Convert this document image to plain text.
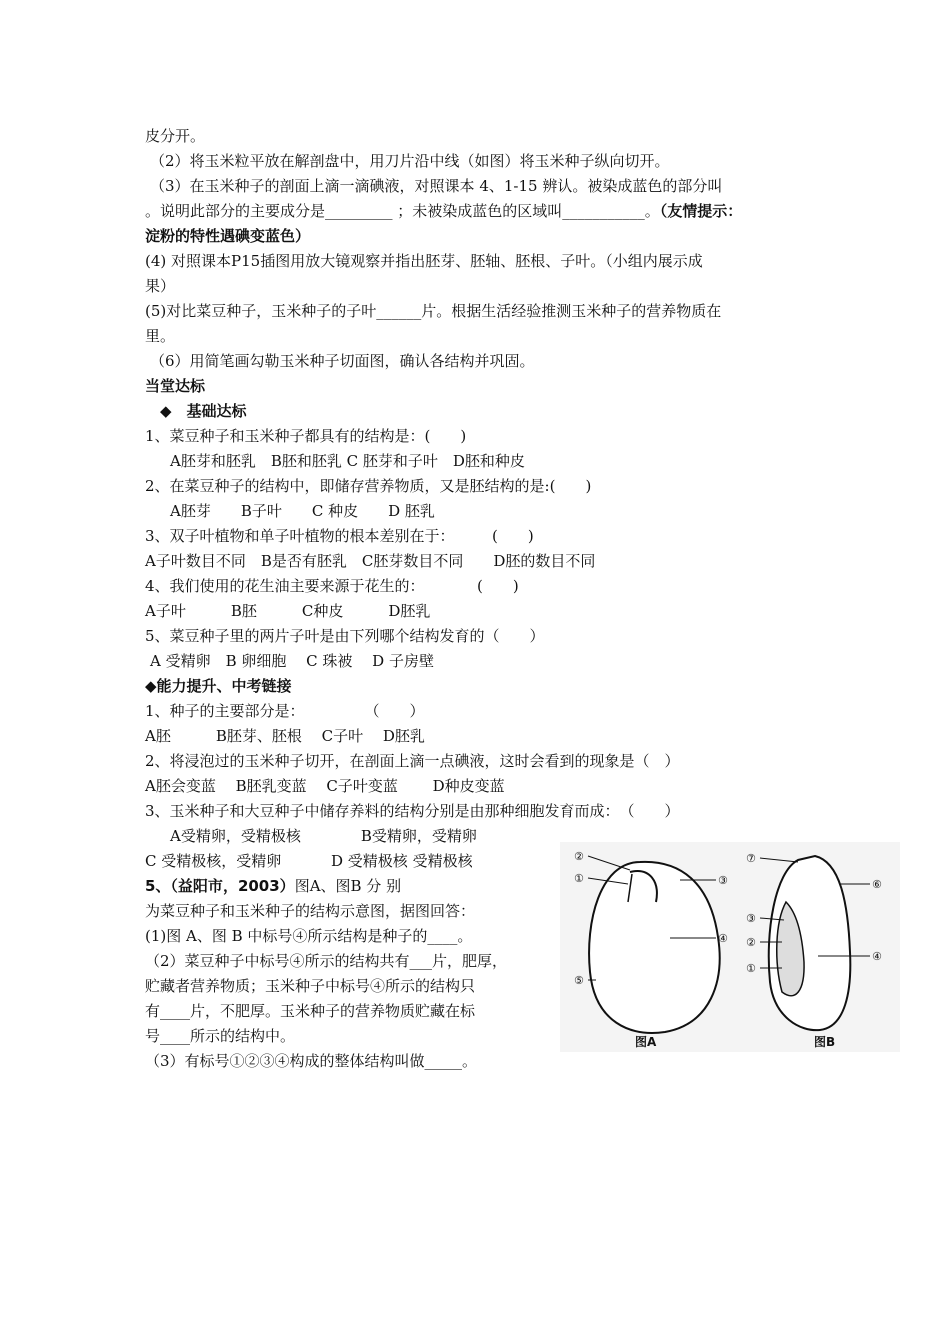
皮分开。
（2）将玉米粒平放在解剖盘中，用刀片沿中线（如图）将玉米种子纵向切开。
（3）在玉米种子的剖面上滴一滴碘液，对照课本 4、1-15 辨认。被染成蓝色的部分叫
。说明此部分的主要成分是_________ ；未被染成蓝色的区域叫___________。（友情提示：
淀粉的特性遇碘变蓝色）
(4) 对照课本P15插图用放大镜观察并指出胚芽、胚轴、胚根、子叶。（小组内展示成
果）
(5)对比菜豆种子，玉米种子的子叶______片。根据生活经验推测玉米种子的营养物质在
里。
（6）用简笔画勾勒玉米种子切面图，确认各结构并巩固。
当堂达标
◆　基础达标
1、菜豆种子和玉米种子都具有的结构是：(　　)
A胚芽和胚乳　B胚和胚乳 C 胚芽和子叶　D胚和种皮
2、在菜豆种子的结构中，即储存营养物质，又是胚结构的是:(　　)
A胚芽　　B子叶　　C 种皮　　D 胚乳
3、双子叶植物和单子叶植物的根本差别在于：　　　(　　)
A子叶数目不同　B是否有胚乳　C胚芽数目不同　　D胚的数目不同
4、我们使用的花生油主要来源于花生的：　　　　(　　)
A子叶　　　B胚　　　C种皮　　　D胚乳
5、菜豆种子里的两片子叶是由下列哪个结构发育的（　　）
A 受精卵　B 卵细胞　 C 珠被　 D 子房壁
◆能力提升、中考链接
1、种子的主要部分是：　　　　　（　　）
A胚　　　B胚芽、胚根　 C子叶　 D胚乳
2、将浸泡过的玉米种子切开，在剖面上滴一点碘液，这时会看到的现象是（　）
A胚会变蓝　 B胚乳变蓝　 C子叶变蓝　　 D种皮变蓝
3、玉米种子和大豆种子中储存养料的结构分别是由那种细胞发育而成：　（　　）
A受精卵，受精极核　　　　B受精卵，受精卵
C 受精极核，受精卵　　　 D 受精极核 受精极核
5、（益阳市，2003）图A、图B 分 别
为菜豆种子和玉米种子的结构示意图，据图回答：
(1)图 A、图 B 中标号④所示结构是种子的____。
（2）菜豆种子中标号④所示的结构共有___片，肥厚，
贮藏者营养物质；玉米种子中标号④所示的结构只
有____片，不肥厚。玉米种子的营养物质贮藏在标
号____所示的结构中。
（3）有标号①②③④构成的整体结构叫做_____。
②
①
⑤
③
④
图A
⑦
③
②
①
⑥
④
图B
